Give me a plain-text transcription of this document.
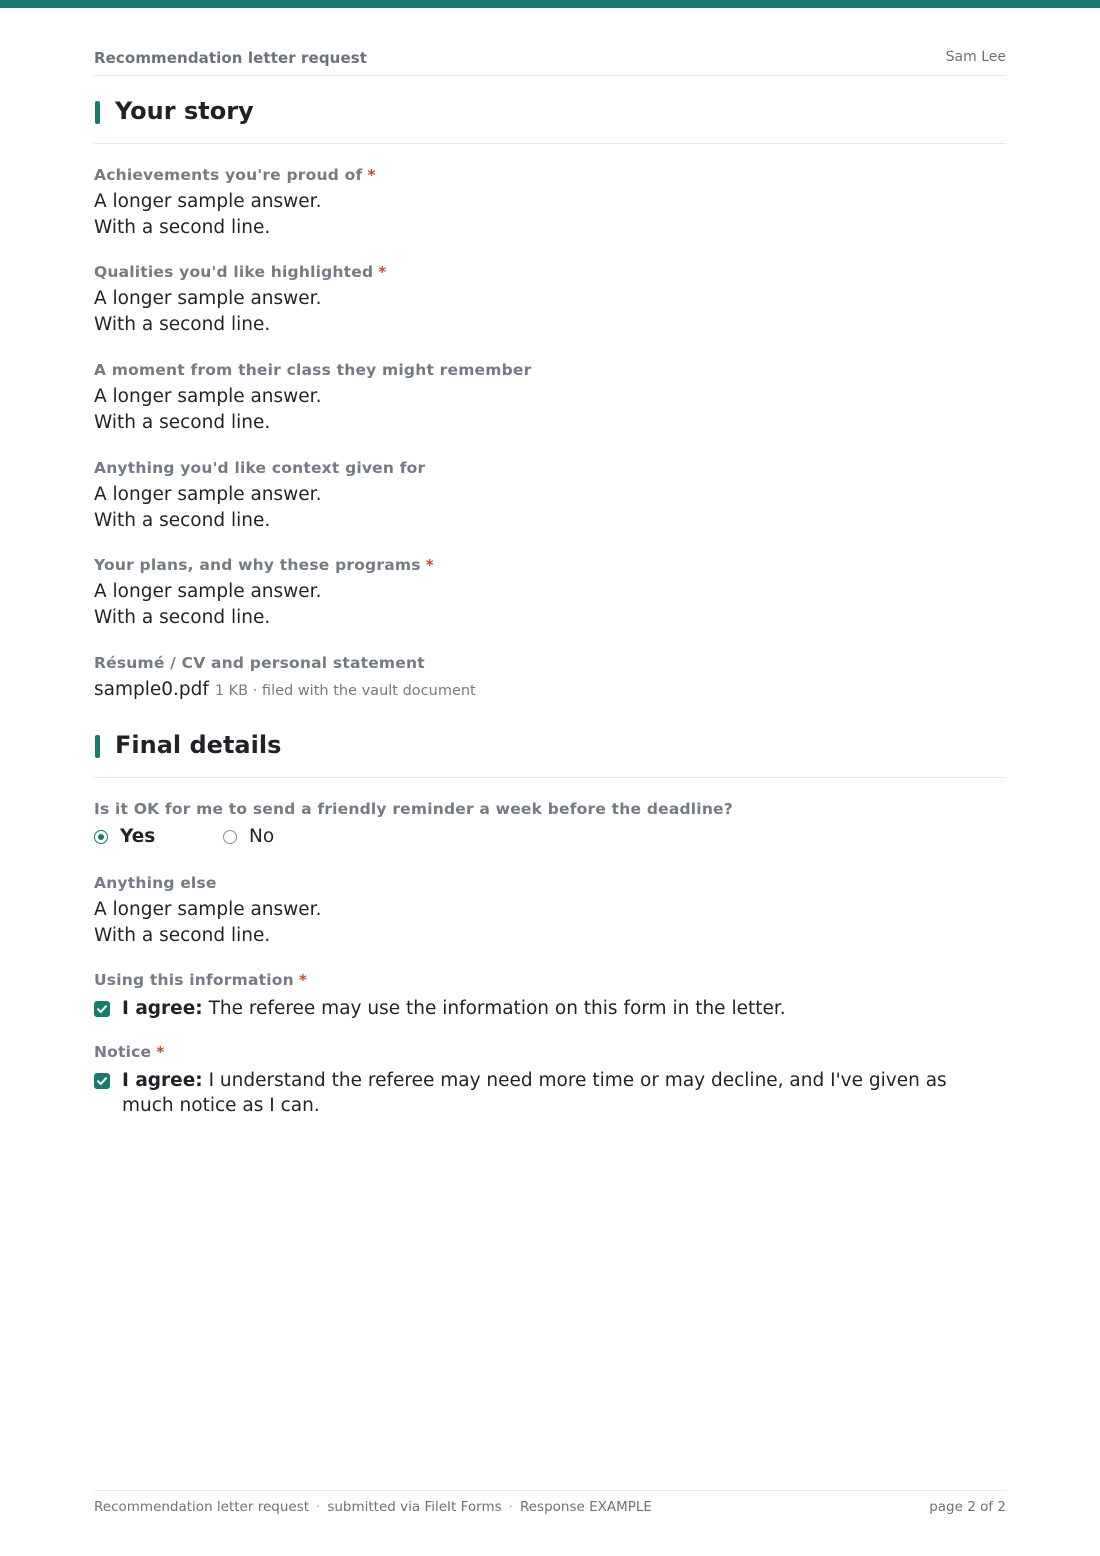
Recommendation letter request	Sam Lee
Your story
Achievements you're proud of *
A longer sample answer.
With a second line.
Qualities you'd like highlighted *
A longer sample answer.
With a second line.
A moment from their class they might remember
A longer sample answer.
With a second line.
Anything you'd like context given for
A longer sample answer.
With a second line.
Your plans, and why these programs *
A longer sample answer.
With a second line.
Résumé / CV and personal statement
sample0.pdf 1 KB · filed with the vault document
Final details
Is it OK for me to send a friendly reminder a week before the deadline?
Yes	No
Anything else
A longer sample answer.
With a second line.
Using this information *
I agree: The referee may use the information on this form in the letter.
Notice *
I agree: I understand the referee may need more time or may decline, and I've given as
much notice as I can.
Recommendation letter request · submitted via FileIt Forms · Response EXAMPLE	page 2 of 2
